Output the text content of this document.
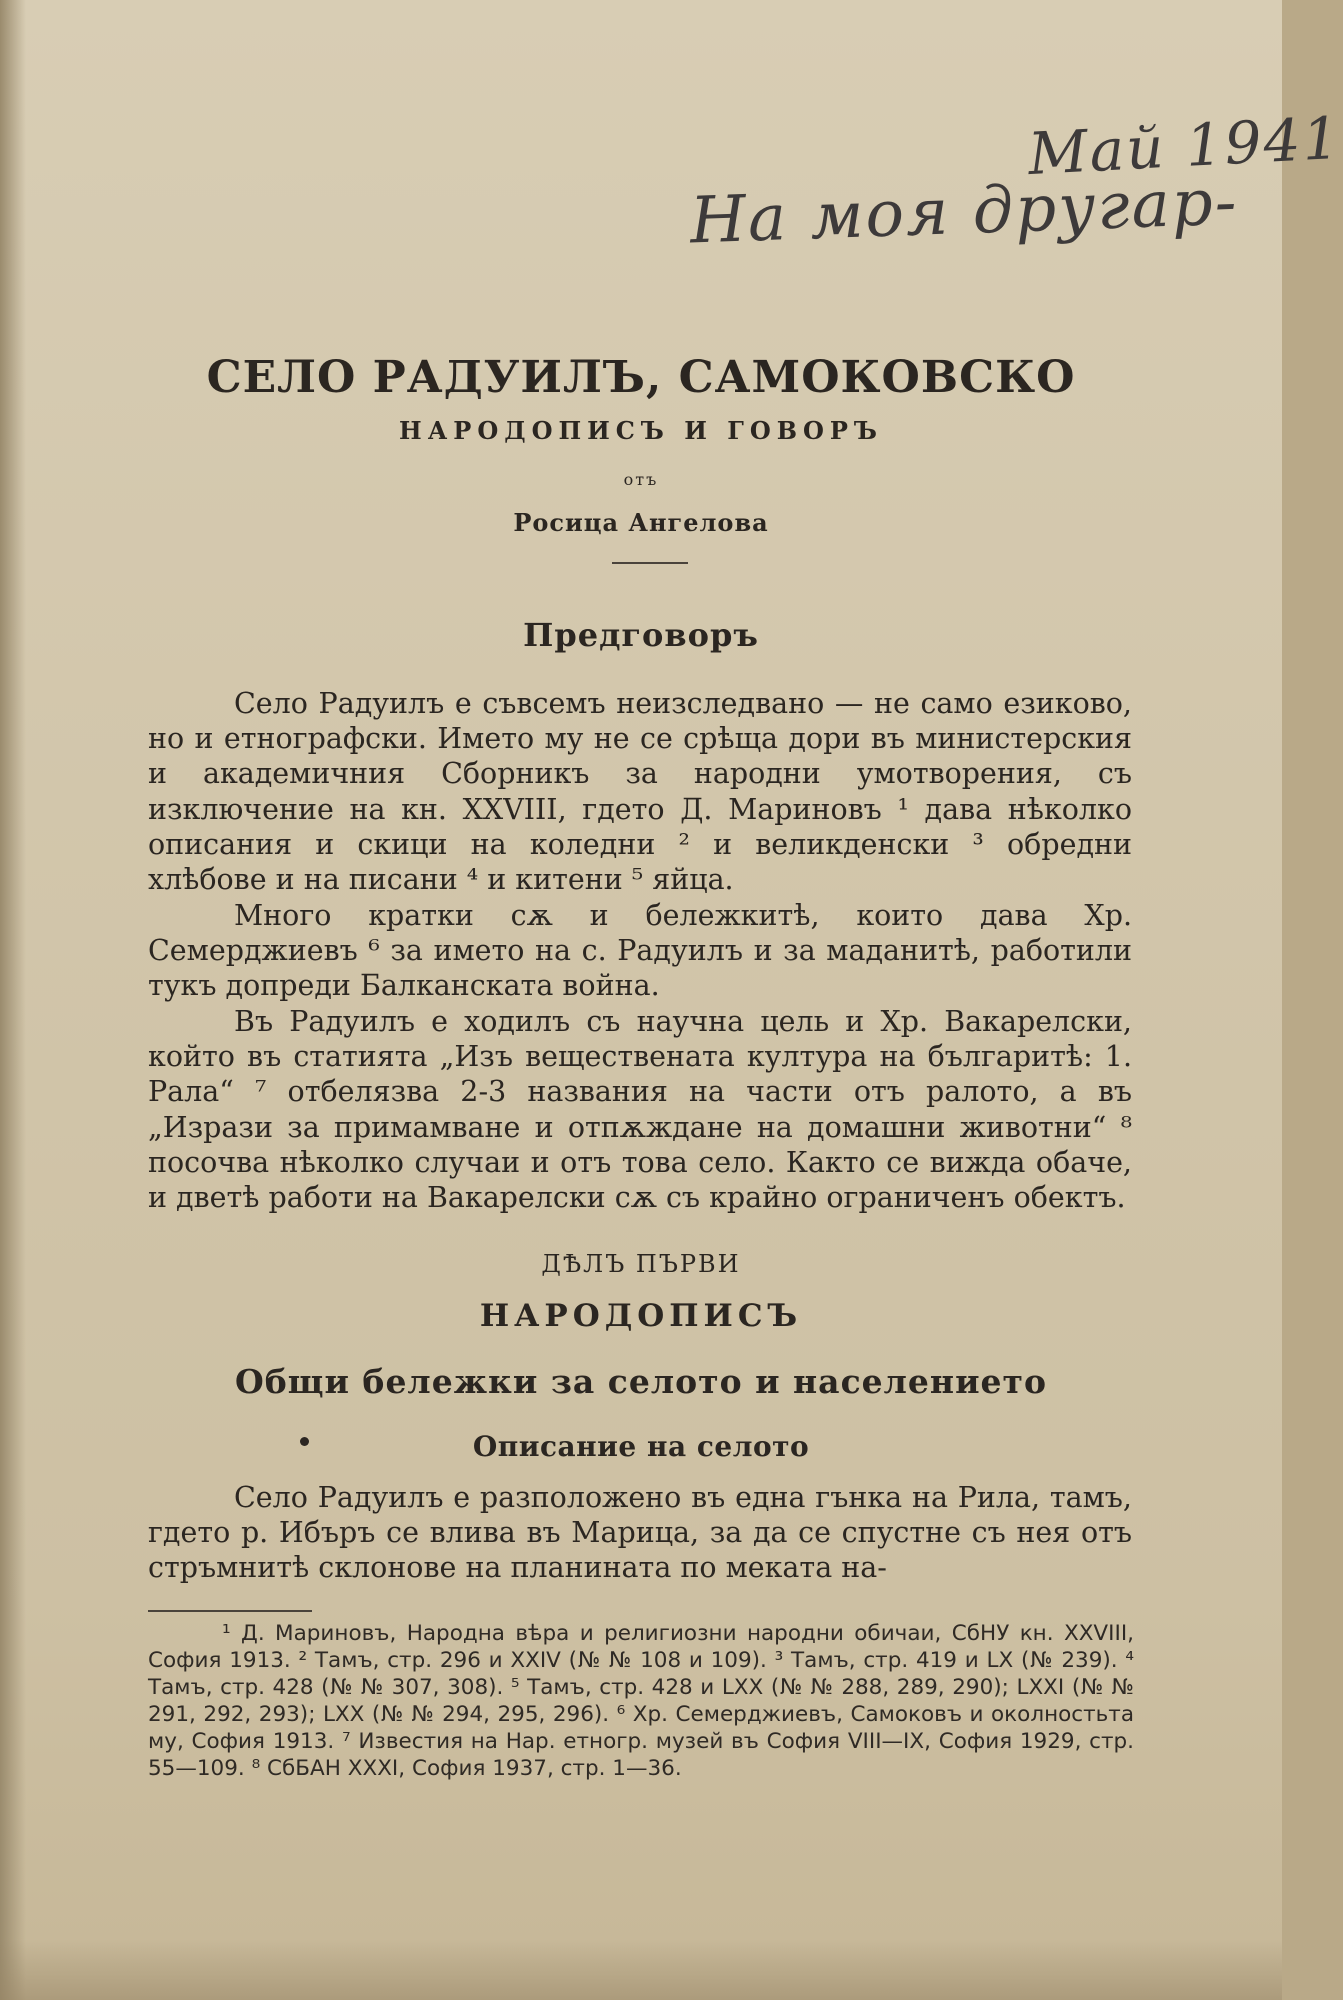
Май 1941
На моя другар-
СЕЛО РАДУИЛЪ, САМОКОВСКО
НАРОДОПИСЪ И ГОВОРЪ
отъ
Росица Ангелова
Предговоръ

Село Радуилъ е съвсемъ неизследвано — не само езиково, но и етнографски. Името му не се срѣща дори въ министерския и академичния Сборникъ за народни умотворения, съ изключение на кн. XXVIII, гдето Д. Мариновъ ¹ дава нѣколко описания и скици на коледни ² и великденски ³ обредни хлѣбове и на писани ⁴ и китени ⁵ яйца.

Много кратки сѫ и бележкитѣ, които дава Хр. Семерджиевъ ⁶ за името на с. Радуилъ и за маданитѣ, работили тукъ допреди Балканската война.

Въ Радуилъ е ходилъ съ научна цель и Хр. Вакарелски, който въ статията „Изъ веществената култура на българитѣ: 1. Рала“ ⁷ отбелязва 2-3 названия на части отъ ралото, а въ „Изрази за примамване и отпѫждане на домашни животни“ ⁸ посочва нѣколко случаи и отъ това село. Както се вижда обаче, и дветѣ работи на Вакарелски сѫ съ крайно ограниченъ обектъ.

ДѢЛЪ ПЪРВИ
НАРОДОПИСЪ
Общи бележки за селото и населението
Описание на селото

Село Радуилъ е разположено въ една гънка на Рила, тамъ, гдето р. Ибъръ се влива въ Марица, за да се спустне съ нея отъ стръмнитѣ склонове на планината по меката на-

¹ Д. Мариновъ, Народна вѣра и религиозни народни обичаи, СбНУ кн. XXVIII, София 1913. ² Тамъ, стр. 296 и XXIV (№ № 108 и 109). ³ Тамъ, стр. 419 и LX (№ 239). ⁴ Тамъ, стр. 428 (№ № 307, 308). ⁵ Тамъ, стр. 428 и LXX (№ № 288, 289, 290); LXXI (№ № 291, 292, 293); LXX (№ № 294, 295, 296). ⁶ Хр. Семерджиевъ, Самоковъ и околностьта му, София 1913. ⁷ Известия на Нар. етногр. музей въ София VIII—IX, София 1929, стр. 55—109. ⁸ СбБАН XXXI, София 1937, стр. 1—36.
